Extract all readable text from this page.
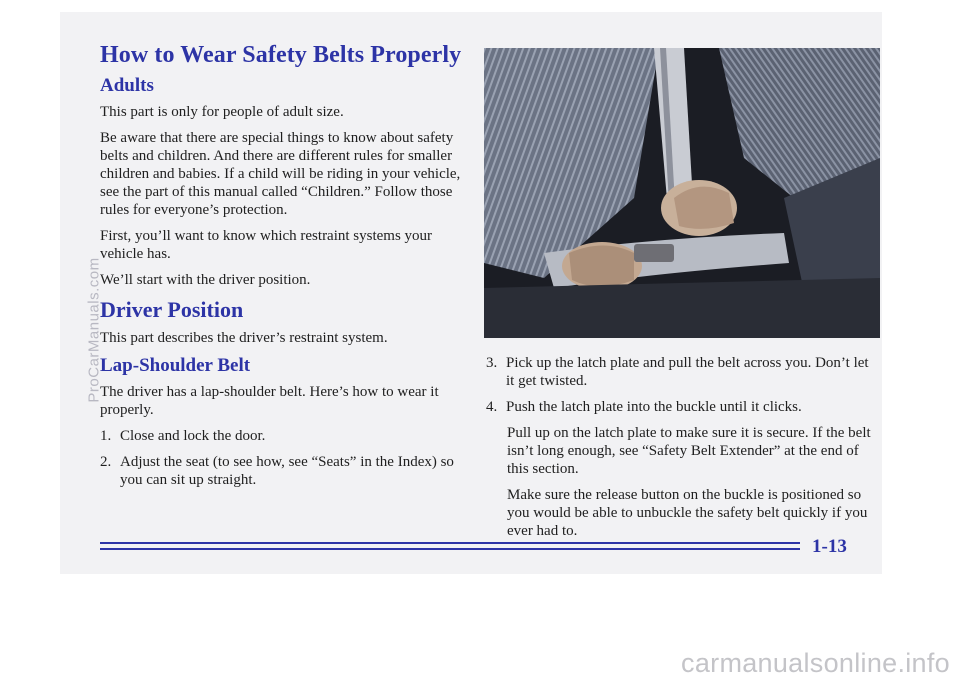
How to Wear Safety Belts Properly
Adults

This part is only for people of adult size.

Be aware that there are special things to know about safety belts and children. And there are different rules for smaller children and babies. If a child will be riding in your vehicle, see the part of this manual called “Children.” Follow those rules for everyone’s protection.

First, you’ll want to know which restraint systems your vehicle has.

We’ll start with the driver position.

Driver Position

This part describes the driver’s restraint system.

Lap-Shoulder Belt

The driver has a lap-shoulder belt. Here’s how to wear it properly.

1. Close and lock the door.
2. Adjust the seat (to see how, see “Seats” in the Index) so you can sit up straight.
3. Pick up the latch plate and pull the belt across you. Don’t let it get twisted.
4. Push the latch plate into the buckle until it clicks.
Pull up on the latch plate to make sure it is secure. If the belt isn’t long enough, see “Safety Belt Extender” at the end of this section.
Make sure the release button on the buckle is positioned so you would be able to unbuckle the safety belt quickly if you ever had to.
1-13
ProCarManuals.com
carmanualsonline.info
